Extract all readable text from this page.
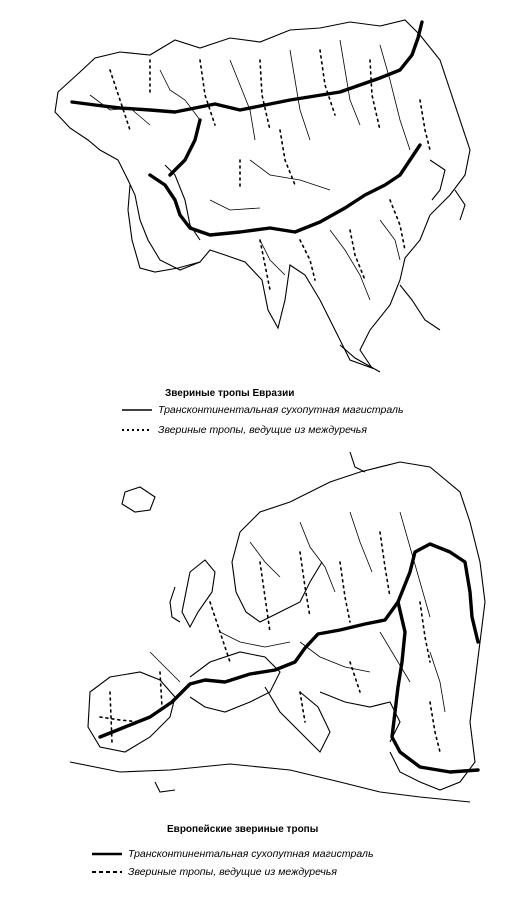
Звериные тропы Евразии
Трансконтинентальная сухопутная магистраль
Звериные тропы, ведущие из междуречья
Европейские звериные тропы
Трансконтинентальная сухопутная магистраль
Звериные тропы, ведущие из междуречья
